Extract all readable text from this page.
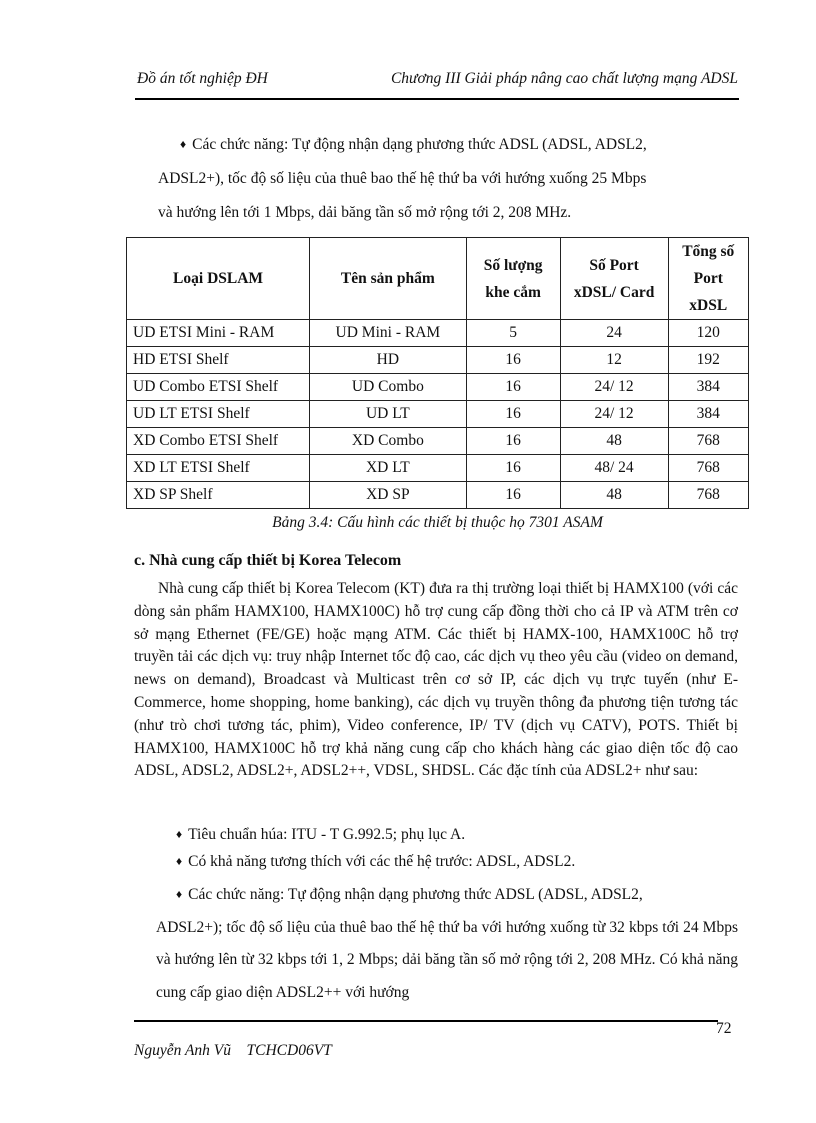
Đồ án tốt nghiệp ĐH	Chương III Giải pháp nâng cao chất lượng mạng ADSL
♦ Các chức năng: Tự động nhận dạng phương thức ADSL (ADSL, ADSL2,
ADSL2+), tốc độ số liệu của thuê bao thế hệ thứ ba với hướng xuống 25 Mbps
và hướng lên tới 1 Mbps, dải băng tần số mở rộng tới 2, 208 MHz.
Loại DSLAM	Tên sản phẩm	Số lượng khe cắm	Số Port xDSL/ Card	Tổng số Port xDSL
UD ETSI Mini - RAM	UD Mini - RAM	5	24	120
HD ETSI Shelf	HD	16	12	192
UD Combo ETSI Shelf	UD Combo	16	24/ 12	384
UD LT ETSI Shelf	UD LT	16	24/ 12	384
XD Combo ETSI Shelf	XD Combo	16	48	768
XD LT ETSI Shelf	XD LT	16	48/ 24	768
XD SP Shelf	XD SP	16	48	768
Bảng 3.4: Cấu hình các thiết bị thuộc họ 7301 ASAM
c. Nhà cung cấp thiết bị Korea Telecom
Nhà cung cấp thiết bị Korea Telecom (KT) đưa ra thị trường loại thiết bị HAMX100 (với các dòng sản phẩm HAMX100, HAMX100C) hỗ trợ cung cấp đồng thời cho cả IP và ATM trên cơ sở mạng Ethernet (FE/GE) hoặc mạng ATM. Các thiết bị HAMX-100, HAMX100C hỗ trợ truyền tải các dịch vụ: truy nhập Internet tốc độ cao, các dịch vụ theo yêu cầu (video on demand, news on demand), Broadcast và Multicast trên cơ sở IP, các dịch vụ trực tuyến (như E-Commerce, home shopping, home banking), các dịch vụ truyền thông đa phương tiện tương tác (như trò chơi tương tác, phim), Video conference, IP/ TV (dịch vụ CATV), POTS. Thiết bị HAMX100, HAMX100C hỗ trợ khả năng cung cấp cho khách hàng các giao diện tốc độ cao ADSL, ADSL2, ADSL2+, ADSL2++, VDSL, SHDSL. Các đặc tính của ADSL2+ như sau:
♦ Tiêu chuẩn húa: ITU - T G.992.5; phụ lục A.
♦ Có khả năng tương thích với các thế hệ trước: ADSL, ADSL2.
♦ Các chức năng: Tự động nhận dạng phương thức ADSL (ADSL, ADSL2,
ADSL2+); tốc độ số liệu của thuê bao thế hệ thứ ba với hướng xuống từ 32 kbps tới 24 Mbps và hướng lên từ 32 kbps tới 1, 2 Mbps; dải băng tần số mở rộng tới 2, 208 MHz. Có khả năng cung cấp giao diện ADSL2++ với hướng
72
Nguyễn Anh Vũ    TCHCD06VT
